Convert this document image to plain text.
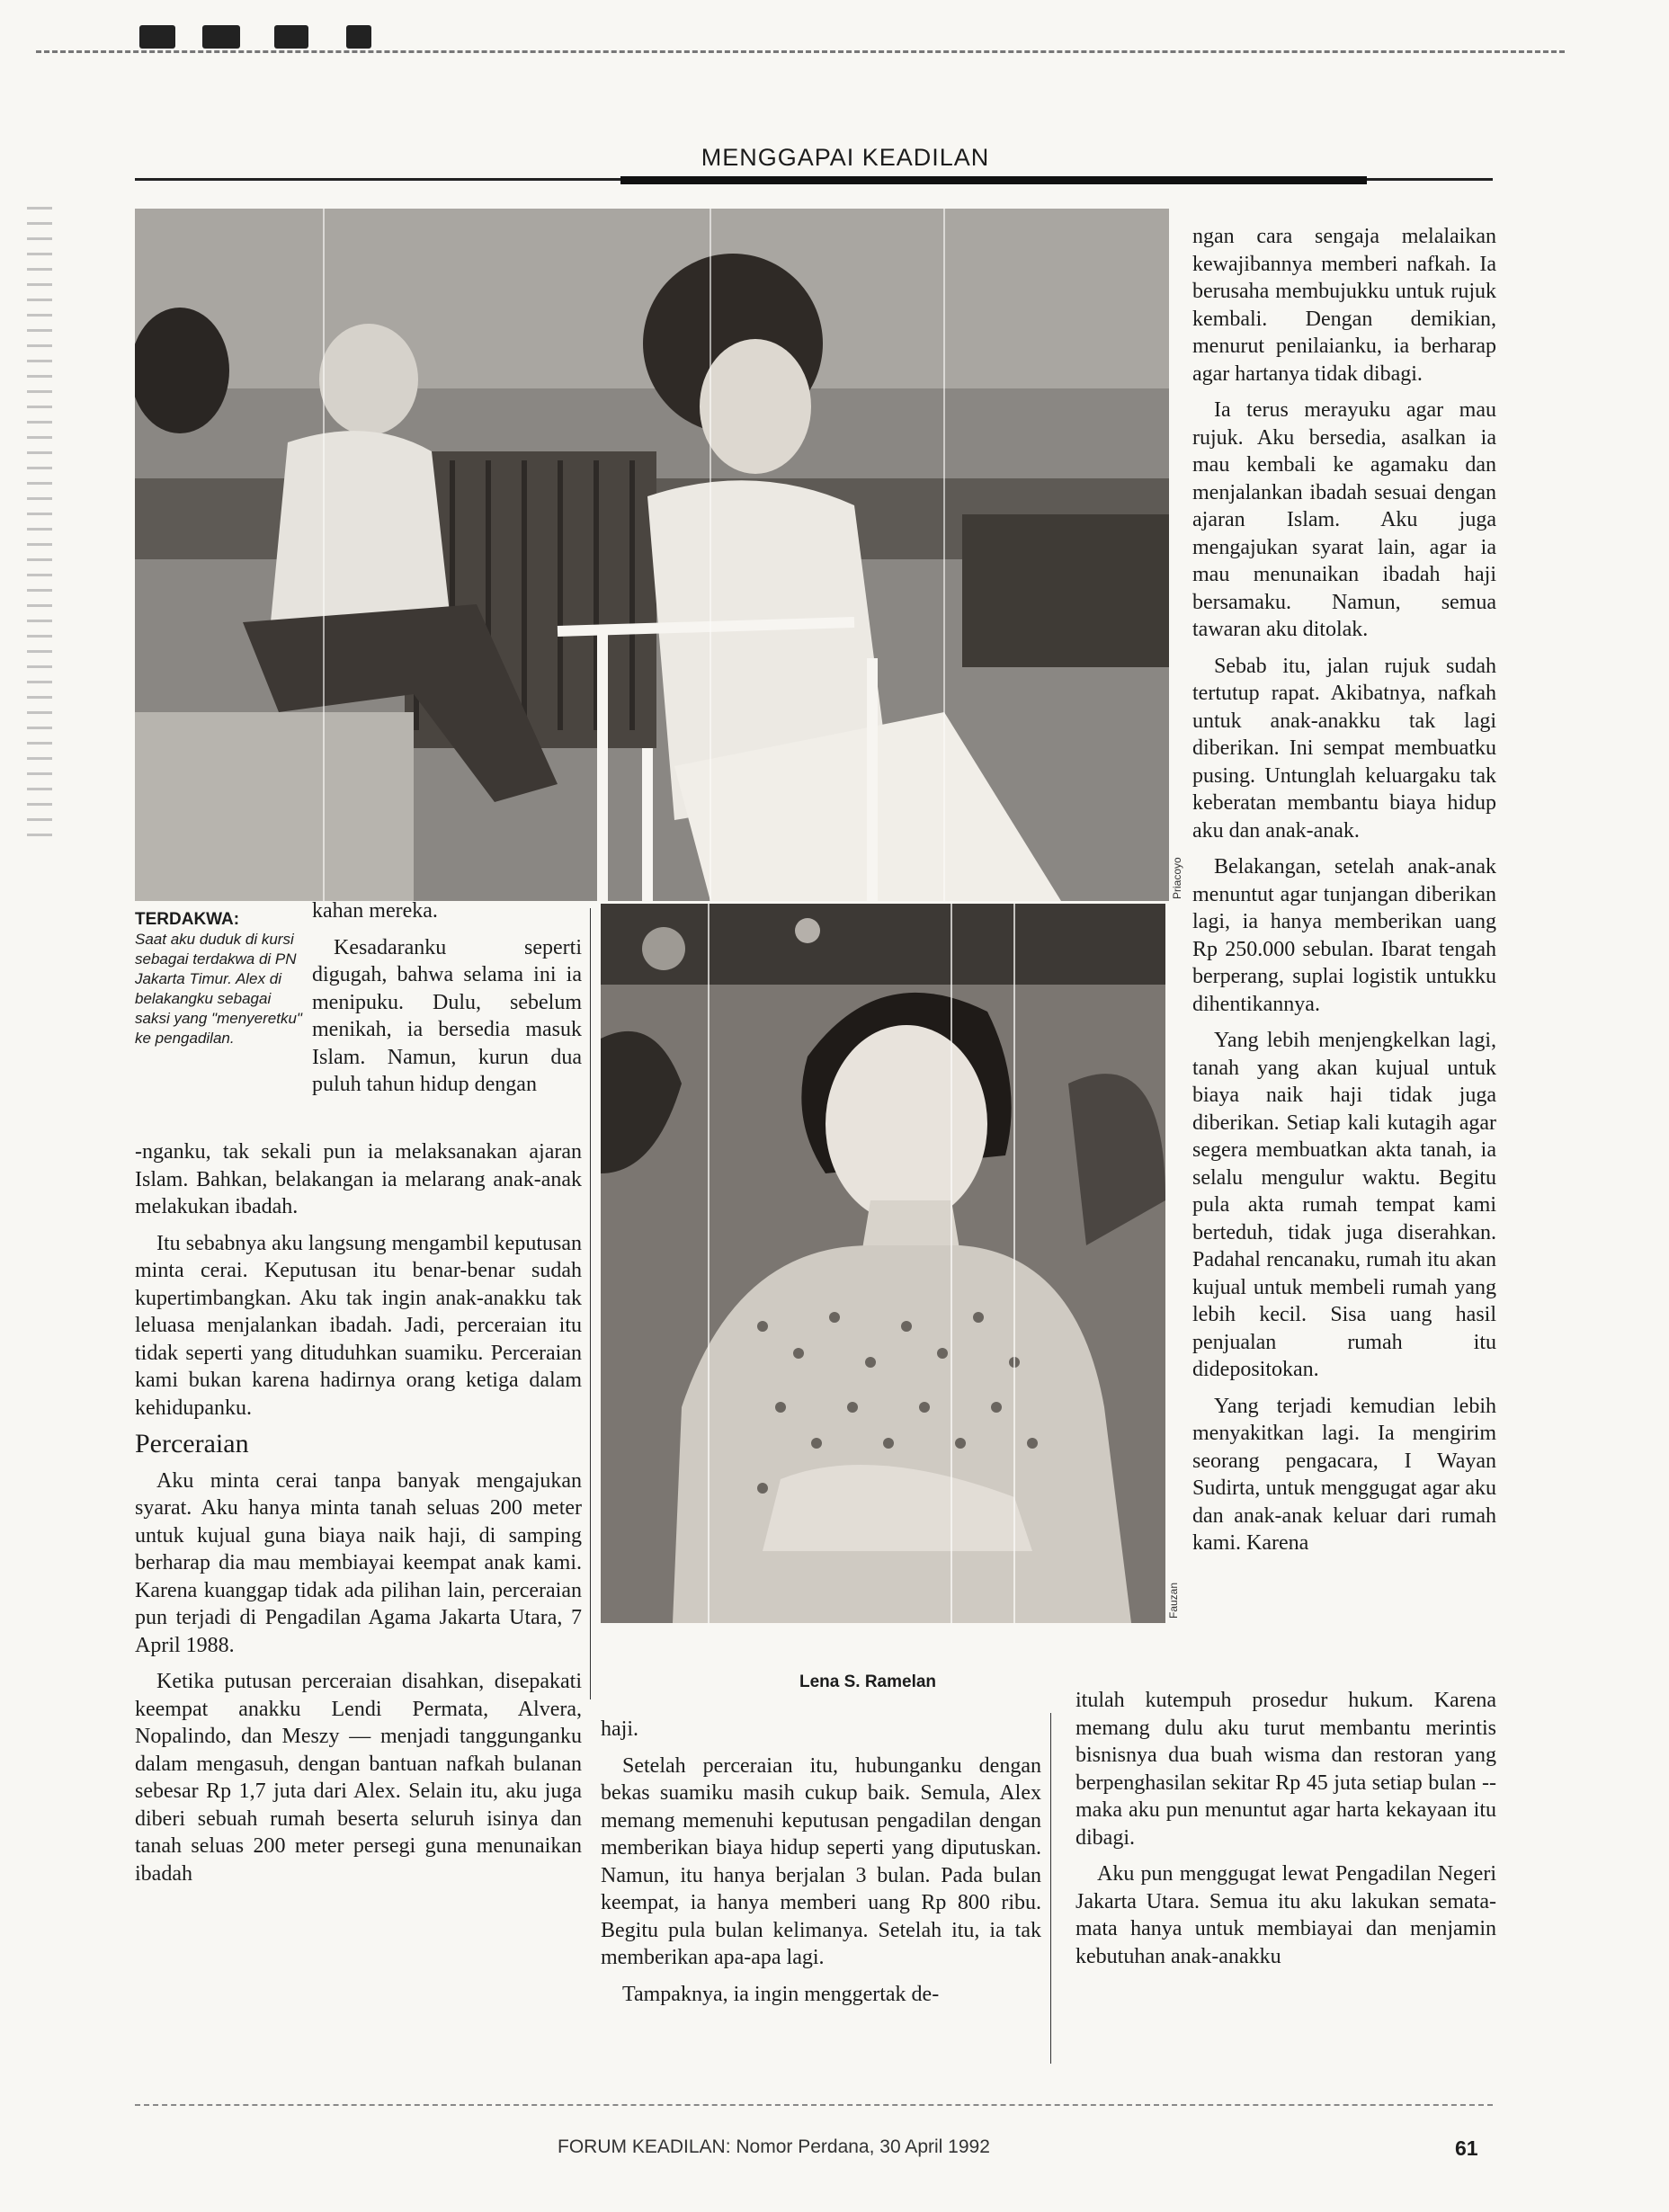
MENGGAPAI KEADILAN
Priacoyo
Fauzan
Lena S. Ramelan
TERDAKWA:
Saat aku duduk di kursi sebagai terdakwa di PN Jakarta Timur. Alex di belakangku sebagai saksi yang "menyeretku" ke pengadilan.

kahan mereka.

Kesadaranku seperti digugah, bahwa selama ini ia menipuku. Dulu, sebelum menikah, ia bersedia masuk Islam. Namun, kurun dua puluh tahun hidup dengan

-nganku, tak sekali pun ia melaksanakan ajaran Islam. Bahkan, belakangan ia melarang anak-anak melakukan ibadah.

Itu sebabnya aku langsung mengambil keputusan minta cerai. Keputusan itu benar-benar sudah kupertimbangkan. Aku tak ingin anak-anakku tak leluasa menjalankan ibadah. Jadi, perceraian itu tidak seperti yang dituduhkan suamiku. Perceraian kami bukan karena hadirnya orang ketiga dalam kehidupanku.

Perceraian

Aku minta cerai tanpa banyak mengajukan syarat. Aku hanya minta tanah seluas 200 meter untuk kujual guna biaya naik haji, di samping berharap dia mau membiayai keempat anak kami. Karena kuanggap tidak ada pilihan lain, perceraian pun terjadi di Pengadilan Agama Jakarta Utara, 7 April 1988.

Ketika putusan perceraian disahkan, disepakati keempat anakku Lendi Permata, Alvera, Nopalindo, dan Meszy — menjadi tanggunganku dalam mengasuh, dengan bantuan nafkah bulanan sebesar Rp 1,7 juta dari Alex. Selain itu, aku juga diberi sebuah rumah beserta seluruh isinya dan tanah seluas 200 meter persegi guna menunaikan ibadah

haji.

Setelah perceraian itu, hubunganku dengan bekas suamiku masih cukup baik. Semula, Alex memang memenuhi keputusan pengadilan dengan memberikan biaya hidup seperti yang diputuskan. Namun, itu hanya berjalan 3 bulan. Pada bulan keempat, ia hanya memberi uang Rp 800 ribu. Begitu pula bulan kelimanya. Setelah itu, ia tak memberikan apa-apa lagi.

Tampaknya, ia ingin menggertak de-

ngan cara sengaja melalaikan kewajibannya memberi nafkah. Ia berusaha membujukku untuk rujuk kembali. Dengan demikian, menurut penilaianku, ia berharap agar hartanya tidak dibagi.

Ia terus merayuku agar mau rujuk. Aku bersedia, asalkan ia mau kembali ke agamaku dan menjalankan ibadah sesuai dengan ajaran Islam. Aku juga mengajukan syarat lain, agar ia mau menunaikan ibadah haji bersamaku. Namun, semua tawaran aku ditolak.

Sebab itu, jalan rujuk sudah tertutup rapat. Akibatnya, nafkah untuk anak-anakku tak lagi diberikan. Ini sempat membuatku pusing. Untunglah keluargaku tak keberatan membantu biaya hidup aku dan anak-anak.

Belakangan, setelah anak-anak menuntut agar tunjangan diberikan lagi, ia hanya memberikan uang Rp 250.000 sebulan. Ibarat tengah berperang, suplai logistik untukku dihentikannya.

Yang lebih menjengkelkan lagi, tanah yang akan kujual untuk biaya naik haji tidak juga diberikan. Setiap kali kutagih agar segera membuatkan akta tanah, ia selalu mengulur waktu. Begitu pula akta rumah tempat kami berteduh, tidak juga diserahkan. Padahal rencanaku, rumah itu akan kujual untuk membeli rumah yang lebih kecil. Sisa uang hasil penjualan rumah itu didepositokan.

Yang terjadi kemudian lebih menyakitkan lagi. Ia mengirim seorang pengacara, I Wayan Sudirta, untuk menggugat agar aku dan anak-anak keluar dari rumah kami. Karena

itulah kutempuh prosedur hukum. Karena memang dulu aku turut membantu merintis bisnisnya dua buah wisma dan restoran yang berpenghasilan sekitar Rp 45 juta setiap bulan -- maka aku pun menuntut agar harta kekayaan itu dibagi.

Aku pun menggugat lewat Pengadilan Negeri Jakarta Utara. Semua itu aku lakukan semata-mata hanya untuk membiayai dan menjamin kebutuhan anak-anakku

FORUM KEADILAN: Nomor Perdana, 30 April 1992	61
